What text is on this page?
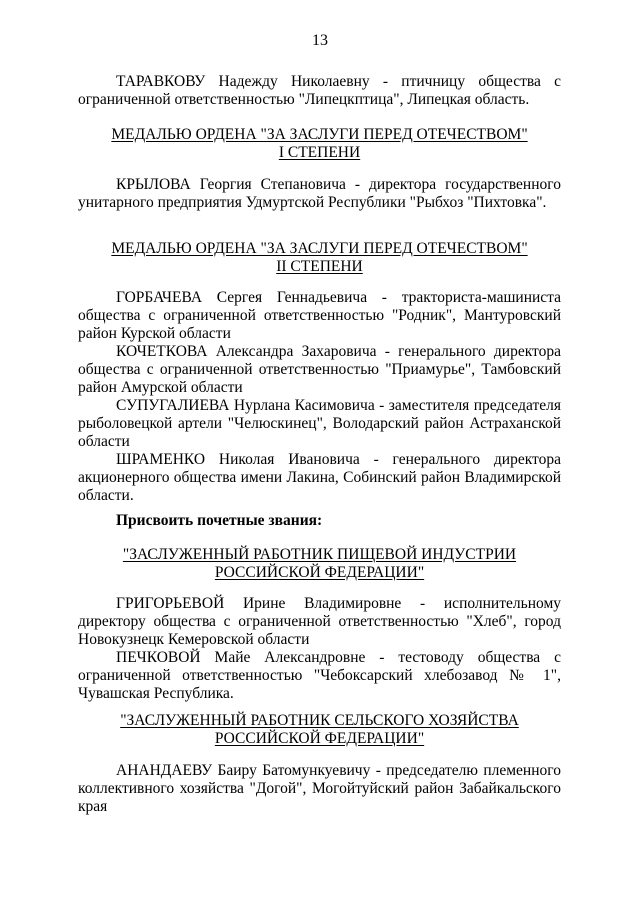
13

ТАРАВКОВУ Надежду Николаевну - птичницу общества с ограниченной ответственностью "Липецкптица", Липецкая область.

МЕДАЛЬЮ ОРДЕНА "ЗА ЗАСЛУГИ ПЕРЕД ОТЕЧЕСТВОМ"
I СТЕПЕНИ

КРЫЛОВА Георгия Степановича - директора государственного унитарного предприятия Удмуртской Республики "Рыбхоз "Пихтовка".

МЕДАЛЬЮ ОРДЕНА "ЗА ЗАСЛУГИ ПЕРЕД ОТЕЧЕСТВОМ"
II СТЕПЕНИ

ГОРБАЧЕВА Сергея Геннадьевича - тракториста-машиниста общества с ограниченной ответственностью "Родник", Мантуровский район Курской области

КОЧЕТКОВА Александра Захаровича - генерального директора общества с ограниченной ответственностью "Приамурье", Тамбовский район Амурской области

СУПУГАЛИЕВА Нурлана Касимовича - заместителя председателя рыболовецкой артели "Челюскинец", Володарский район Астраханской области

ШРАМЕНКО Николая Ивановича - генерального директора акционерного общества имени Лакина, Собинский район Владимирской области.

Присвоить почетные звания:
"ЗАСЛУЖЕННЫЙ РАБОТНИК ПИЩЕВОЙ ИНДУСТРИИ
РОССИЙСКОЙ ФЕДЕРАЦИИ"

ГРИГОРЬЕВОЙ Ирине Владимировне - исполнительному директору общества с ограниченной ответственностью "Хлеб", город Новокузнецк Кемеровской области

ПЕЧКОВОЙ Майе Александровне - тестоводу общества с ограниченной ответственностью "Чебоксарский хлебозавод № 1", Чувашская Республика.

"ЗАСЛУЖЕННЫЙ РАБОТНИК СЕЛЬСКОГО ХОЗЯЙСТВА
РОССИЙСКОЙ ФЕДЕРАЦИИ"

АНАНДАЕВУ Баиру Батомункуевичу - председателю племенного коллективного хозяйства "Догой", Могойтуйский район Забайкальского края
